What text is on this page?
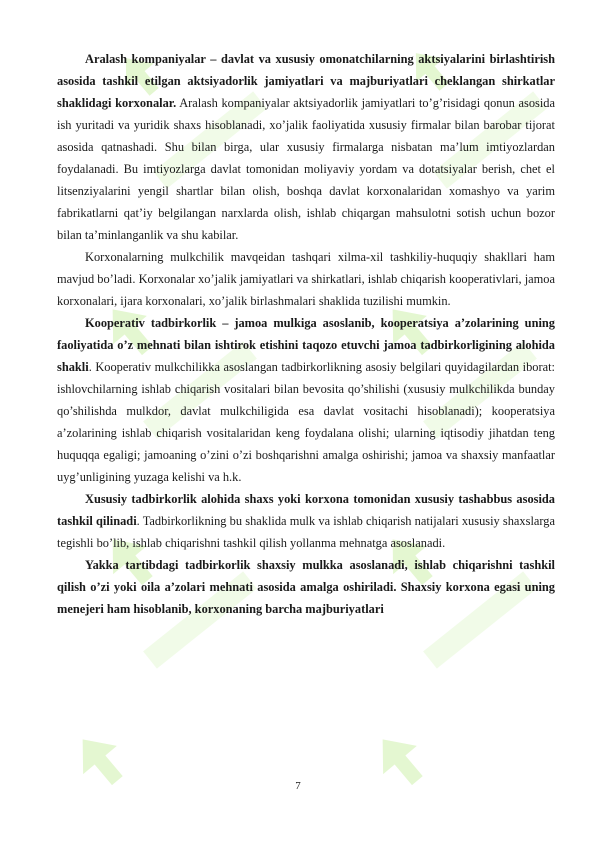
Aralash kompaniyalar – davlat va xususiy omonatchilarning aktsiyalarini birlashtirish asosida tashkil etilgan aktsiyadorlik jamiyatlari va majburiyatlari cheklangan shirkatlar shaklidagi korxonalar. Aralash kompaniyalar aktsiyadorlik jamiyatlari to’g’risidagi qonun asosida ish yuritadi va yuridik shaxs hisoblanadi, xo’jalik faoliyatida xususiy firmalar bilan barobar tijorat asosida qatnashadi. Shu bilan birga, ular xususiy firmalarga nisbatan ma’lum imtiyozlardan foydalanadi. Bu imtiyozlarga davlat tomonidan moliyaviy yordam va dotatsiyalar berish, chet el litsenziyalarini yengil shartlar bilan olish, boshqa davlat korxonalaridan xomashyo va yarim fabrikatlarni qat’iy belgilangan narxlarda olish, ishlab chiqargan mahsulotni sotish uchun bozor bilan ta’minlanganlik va shu kabilar.

Korxonalarning mulkchilik mavqeidan tashqari xilma-xil tashkiliy-huquqiy shakllari ham mavjud bo’ladi. Korxonalar xo’jalik jamiyatlari va shirkatlari, ishlab chiqarish kooperativlari, jamoa korxonalari, ijara korxonalari, xo’jalik birlashmalari shaklida tuzilishi mumkin.

Kooperativ tadbirkorlik – jamoa mulkiga asoslanib, kooperatsiya a’zolarining uning faoliyatida o’z mehnati bilan ishtirok etishini taqozo etuvchi jamoa tadbirkorligining alohida shakli. Kooperativ mulkchilikka asoslangan tadbirkorlikning asosiy belgilari quyidagilardan iborat: ishlovchilarning ishlab chiqarish vositalari bilan bevosita qo’shilishi (xususiy mulkchilikda bunday qo’shilishda mulkdor, davlat mulkchiligida esa davlat vositachi hisoblanadi); kooperatsiya a’zolarining ishlab chiqarish vositalaridan keng foydalana olishi; ularning iqtisodiy jihatdan teng huquqqa egaligi; jamoaning o’zini o’zi boshqarishni amalga oshirishi; jamoa va shaxsiy manfaatlar uyg’unligining yuzaga kelishi va h.k.

Xususiy tadbirkorlik alohida shaxs yoki korxona tomonidan xususiy tashabbus asosida tashkil qilinadi. Tadbirkorlikning bu shaklida mulk va ishlab chiqarish natijalari xususiy shaxslarga tegishli bo’lib, ishlab chiqarishni tashkil qilish yollanma mehnatga asoslanadi.

Yakka tartibdagi tadbirkorlik shaxsiy mulkka asoslanadi, ishlab chiqarishni tashkil qilish o’zi yoki oila a’zolari mehnati asosida amalga oshiriladi. Shaxsiy korxona egasi uning menejeri ham hisoblanib, korxonaning barcha majburiyatlari

7
